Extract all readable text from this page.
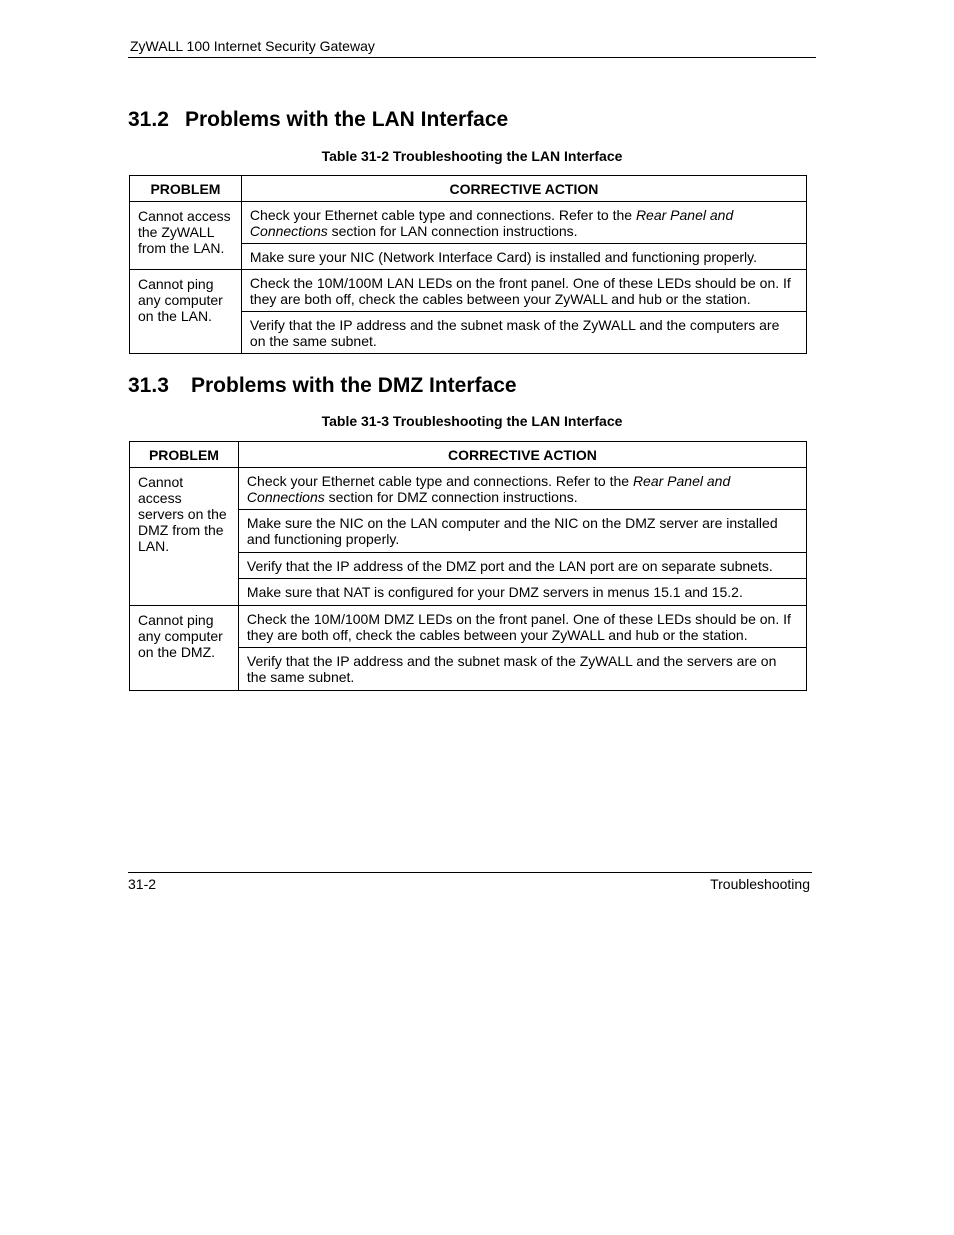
ZyWALL 100 Internet Security Gateway
31.2 Problems with the LAN Interface
Table 31-2 Troubleshooting the LAN Interface
PROBLEM	CORRECTIVE ACTION
Cannot access the ZyWALL from the LAN.	Check your Ethernet cable type and connections. Refer to the Rear Panel and Connections section for LAN connection instructions.
	Make sure your NIC (Network Interface Card) is installed and functioning properly.
Cannot ping any computer on the LAN.	Check the 10M/100M LAN LEDs on the front panel. One of these LEDs should be on. If they are both off, check the cables between your ZyWALL and hub or the station.
	Verify that the IP address and the subnet mask of the ZyWALL and the computers are on the same subnet.
31.3 Problems with the DMZ Interface
Table 31-3 Troubleshooting the LAN Interface
PROBLEM	CORRECTIVE ACTION
Cannot access servers on the DMZ from the LAN.	Check your Ethernet cable type and connections. Refer to the Rear Panel and Connections section for DMZ connection instructions.
	Make sure the NIC on the LAN computer and the NIC on the DMZ server are installed and functioning properly.
	Verify that the IP address of the DMZ port and the LAN port are on separate subnets.
	Make sure that NAT is configured for your DMZ servers in menus 15.1 and 15.2.
Cannot ping any computer on the DMZ.	Check the 10M/100M DMZ LEDs on the front panel. One of these LEDs should be on. If they are both off, check the cables between your ZyWALL and hub or the station.
	Verify that the IP address and the subnet mask of the ZyWALL and the servers are on the same subnet.
31-2	Troubleshooting
